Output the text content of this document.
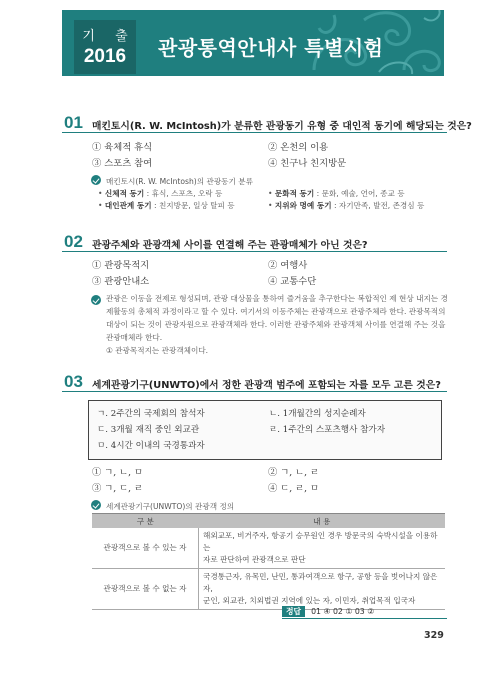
기 출
2016	관광통역안내사 특별시험
01 매킨토시(R. W. McIntosh)가 분류한 관광동기 유형 중 대인적 동기에 해당되는 것은?
① 육체적 휴식	② 온천의 이용
③ 스포츠 참여	④ 친구나 친지방문
매킨토시(R. W. McIntosh)의 관광동기 분류
• 신체적 동기 : 휴식, 스포츠, 오락 등	• 문화적 동기 : 문화, 예술, 언어, 종교 등
• 대인관계 동기 : 친지방문, 일상 탈피 등	• 지위와 명예 동기 : 자기만족, 발전, 존경심 등
02 관광주체와 관광객체 사이를 연결해 주는 관광매체가 아닌 것은?
① 관광목적지	② 여행사
③ 관광안내소	④ 교통수단
관광은 이동을 전제로 형성되며, 관광 대상물을 통하여 즐거움을 추구한다는 복합적인 제 현상 내지는 경
제활동의 총체적 과정이라고 할 수 있다. 여기서의 이동주체는 관광객으로 관광주체라 한다. 관광목적의
대상이 되는 것이 관광자원으로 관광객체라 한다. 이러한 관광주체와 관광객체 사이를 연결해 주는 것을
관광매체라 한다.
① 관광목적지는 관광객체이다.
03 세계관광기구(UNWTO)에서 정한 관광객 범주에 포함되는 자를 모두 고른 것은?
ㄱ. 2주간의 국제회의 참석자	ㄴ. 1개월간의 성지순례자
ㄷ. 3개월 재직 중인 외교관	ㄹ. 1주간의 스포츠행사 참가자
ㅁ. 4시간 이내의 국경통과자
① ㄱ, ㄴ, ㅁ	② ㄱ, ㄴ, ㄹ
③ ㄱ, ㄷ, ㄹ	④ ㄷ, ㄹ, ㅁ
세계관광기구(UNWTO)의 관광객 정의
구 분	내 용
관광객으로 볼 수 있는 자	해외교포, 비거주자, 항공기 승무원인 경우 방문국의 숙박시설을 이용하는
자로 판단하여 관광객으로 판단

관광객으로 볼 수 없는 자	국경통근자, 유목민, 난민, 통과여객으로 항구, 공항 등을 벗어나지 않은 자,
군인, 외교관, 치외법권 지역에 있는 자, 이민자, 취업목적 입국자
정답 01 ④ 02 ① 03 ②
329
